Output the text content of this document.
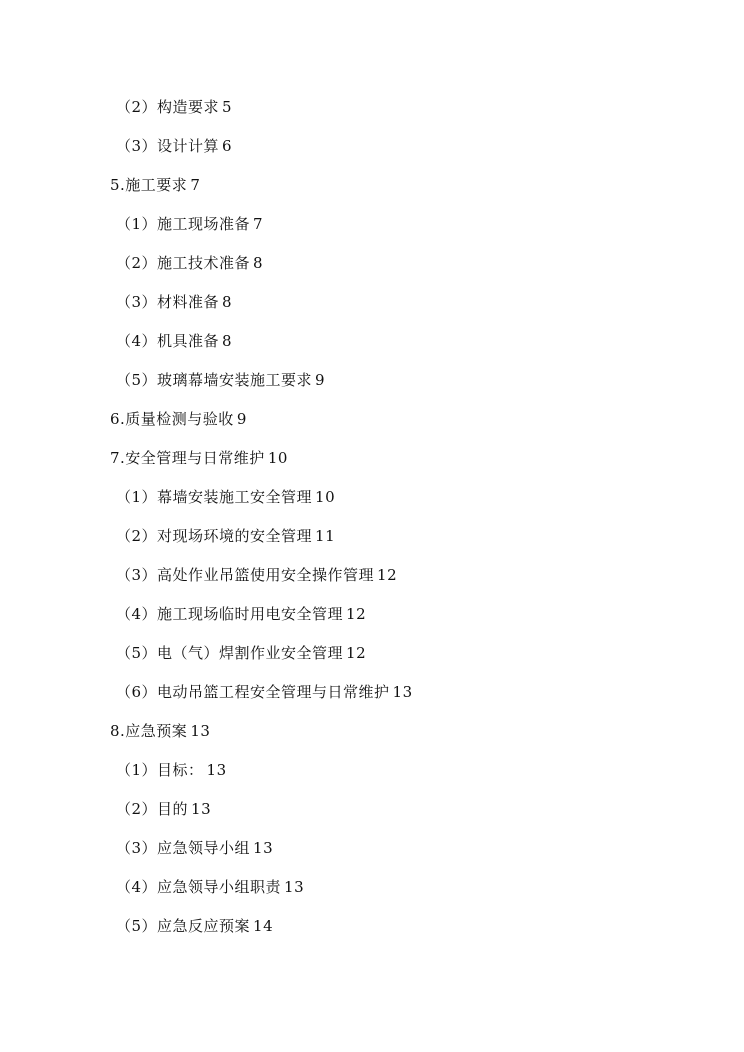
（2）构造要求 5
（3）设计计算 6
5.施工要求 7
（1）施工现场准备 7
（2）施工技术准备 8
（3）材料准备 8
（4）机具准备 8
（5）玻璃幕墙安装施工要求 9
6.质量检测与验收 9
7.安全管理与日常维护 10
（1）幕墙安装施工安全管理 10
（2）对现场环境的安全管理 11
（3）高处作业吊篮使用安全操作管理 12
（4）施工现场临时用电安全管理 12
（5）电（气）焊割作业安全管理 12
（6）电动吊篮工程安全管理与日常维护 13
8.应急预案 13
（1）目标： 13
（2）目的 13
（3）应急领导小组 13
（4）应急领导小组职责 13
（5）应急反应预案 14
